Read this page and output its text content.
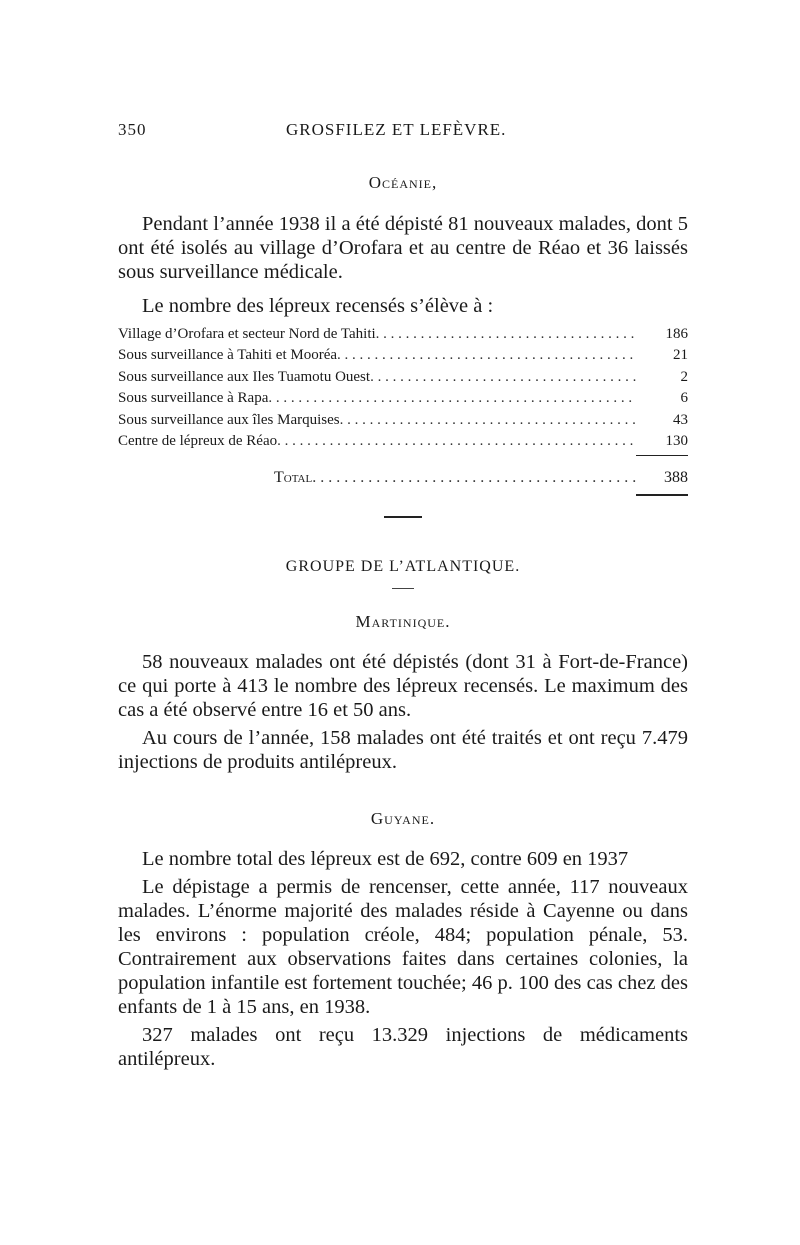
350	GROSFILEZ ET LEFÈVRE.
Océanie,

Pendant l’année 1938 il a été dépisté 81 nouveaux malades, dont 5 ont été isolés au village d’Orofara et au centre de Réao et 36 laissés sous surveillance médicale.

Le nombre des lépreux recensés s’élève à :

Village d’Orofara et secteur Nord de Tahiti . . .	186
Sous surveillance à Tahiti et Mooréa . . .	21
Sous surveillance aux Iles Tuamotu Ouest . . .	2
Sous surveillance à Rapa . . .	6
Sous surveillance aux îles Marquises . . .	43
Centre de lépreux de Réao . . .	130
Total . . .	388
GROUPE DE L’ATLANTIQUE.
Martinique.

58 nouveaux malades ont été dépistés (dont 31 à Fort-de-France) ce qui porte à 413 le nombre des lépreux recensés. Le maximum des cas a été observé entre 16 et 50 ans.

Au cours de l’année, 158 malades ont été traités et ont reçu 7.479 injections de produits antilépreux.

Guyane.

Le nombre total des lépreux est de 692, contre 609 en 1937

Le dépistage a permis de rencenser, cette année, 117 nouveaux malades. L’énorme majorité des malades réside à Cayenne ou dans les environs : population créole, 484; population pénale, 53. Contrairement aux observations faites dans certaines colonies, la population infantile est fortement touchée; 46 p. 100 des cas chez des enfants de 1 à 15 ans, en 1938.

327 malades ont reçu 13.329 injections de médicaments antilépreux.
